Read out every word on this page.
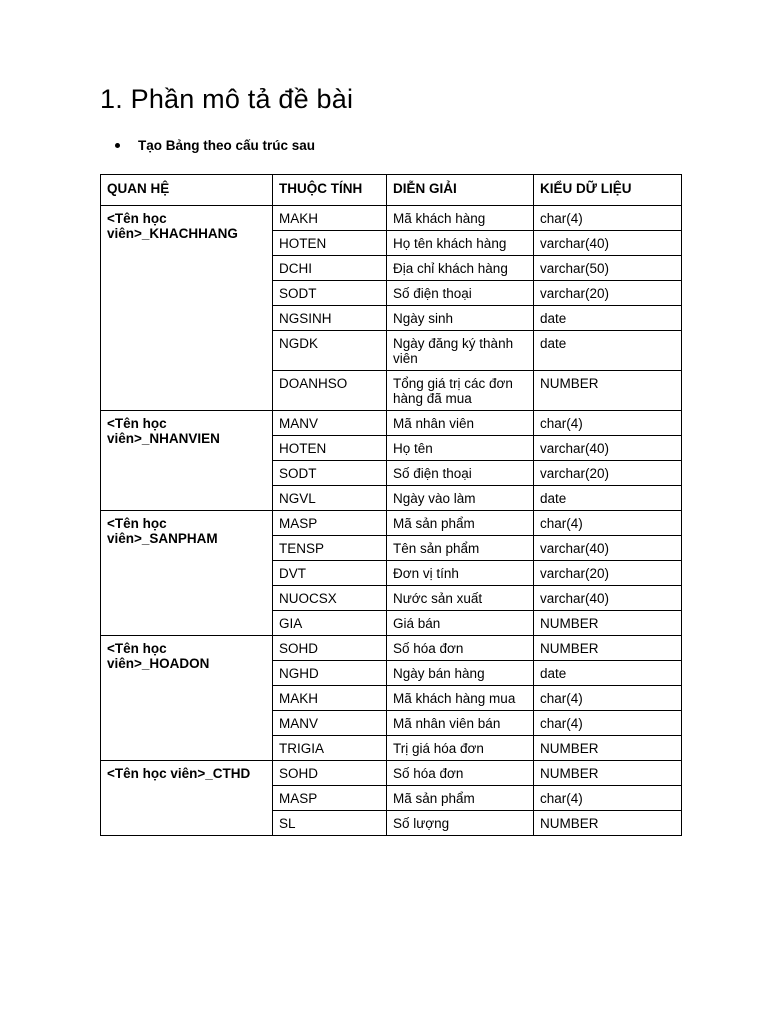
1. Phần mô tả đề bài
Tạo Bảng theo cấu trúc sau
QUAN HỆ	THUỘC TÍNH	DIỄN GIẢI	KIỂU DỮ LIỆU
<Tên học viên>_KHACHHANG	MAKH	Mã khách hàng	char(4)
	HOTEN	Họ tên khách hàng	varchar(40)
	DCHI	Địa chỉ khách hàng	varchar(50)
	SODT	Số điện thoại	varchar(20)
	NGSINH	Ngày sinh	date
	NGDK	Ngày đăng ký thành viên	date
	DOANHSO	Tổng giá trị các đơn hàng đã mua	NUMBER
<Tên học viên>_NHANVIEN	MANV	Mã nhân viên	char(4)
	HOTEN	Họ tên	varchar(40)
	SODT	Số điện thoại	varchar(20)
	NGVL	Ngày vào làm	date
<Tên học viên>_SANPHAM	MASP	Mã sản phẩm	char(4)
	TENSP	Tên sản phẩm	varchar(40)
	DVT	Đơn vị tính	varchar(20)
	NUOCSX	Nước sản xuất	varchar(40)
	GIA	Giá bán	NUMBER
<Tên học viên>_HOADON	SOHD	Số hóa đơn	NUMBER
	NGHD	Ngày bán hàng	date
	MAKH	Mã khách hàng mua	char(4)
	MANV	Mã nhân viên bán	char(4)
	TRIGIA	Trị giá hóa đơn	NUMBER
<Tên học viên>_CTHD	SOHD	Số hóa đơn	NUMBER
	MASP	Mã sản phẩm	char(4)
	SL	Số lượng	NUMBER
